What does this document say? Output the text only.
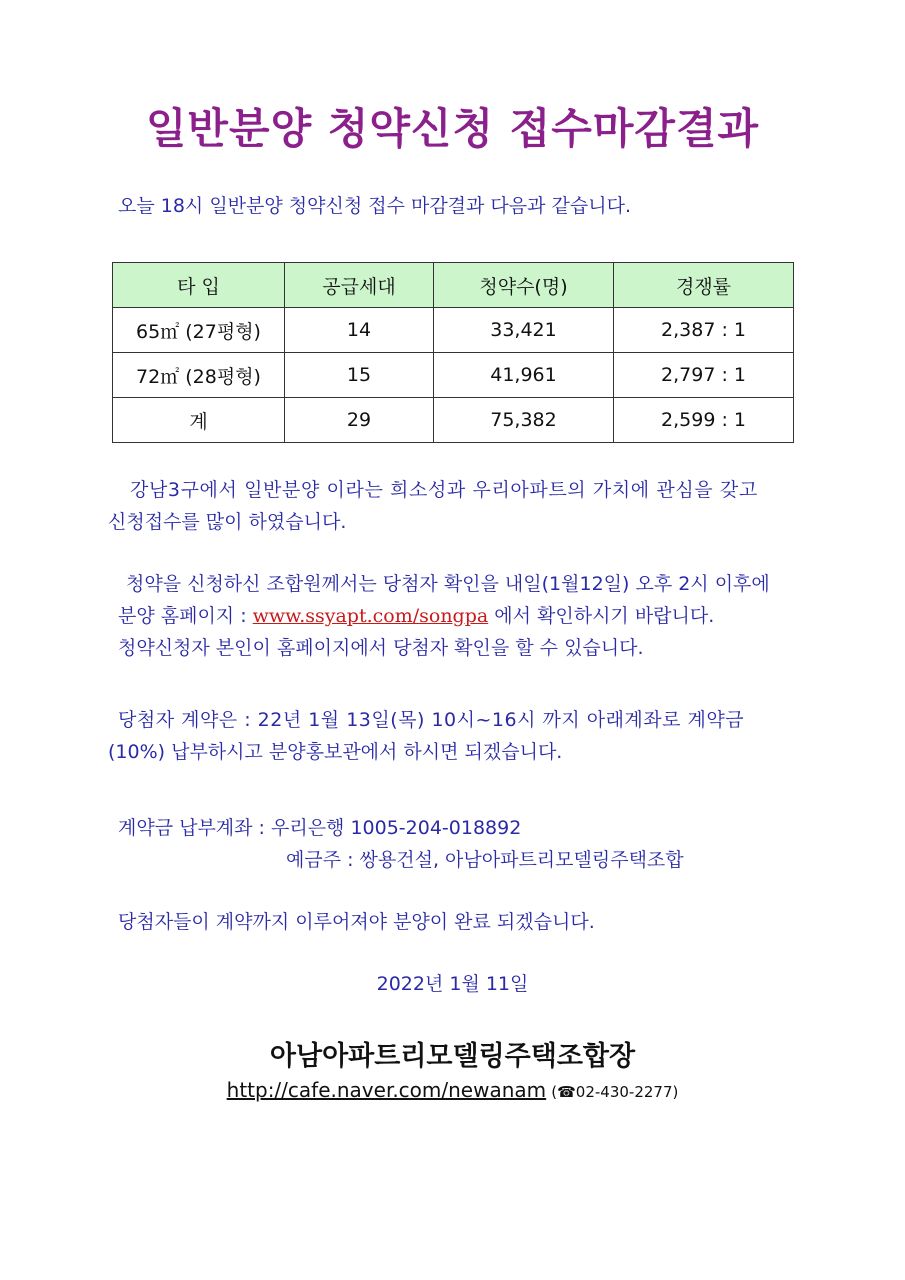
일반분양 청약신청 접수마감결과
오늘 18시 일반분양 청약신청 접수 마감결과 다음과 같습니다.
타 입	공급세대	청약수(명)	경쟁률
65㎡ (27평형)	14	33,421	2,387 : 1
72㎡ (28평형)	15	41,961	2,797 : 1
계	29	75,382	2,599 : 1
강남3구에서 일반분양 이라는 희소성과 우리아파트의 가치에 관심을 갖고
신청접수를 많이 하였습니다.
청약을 신청하신 조합원께서는 당첨자 확인을 내일(1월12일) 오후 2시 이후에
분양 홈페이지 : www.ssyapt.com/songpa 에서 확인하시기 바랍니다.
청약신청자 본인이 홈페이지에서 당첨자 확인을 할 수 있습니다.
당첨자 계약은 : 22년 1월 13일(목) 10시~16시 까지 아래계좌로 계약금
(10%) 납부하시고 분양홍보관에서 하시면 되겠습니다.
계약금 납부계좌 : 우리은행 1005-204-018892
예금주 : 쌍용건설, 아남아파트리모델링주택조합
당첨자들이 계약까지 이루어져야 분양이 완료 되겠습니다.
2022년 1월 11일
아남아파트리모델링주택조합장
http://cafe.naver.com/newanam (☎02-430-2277)
